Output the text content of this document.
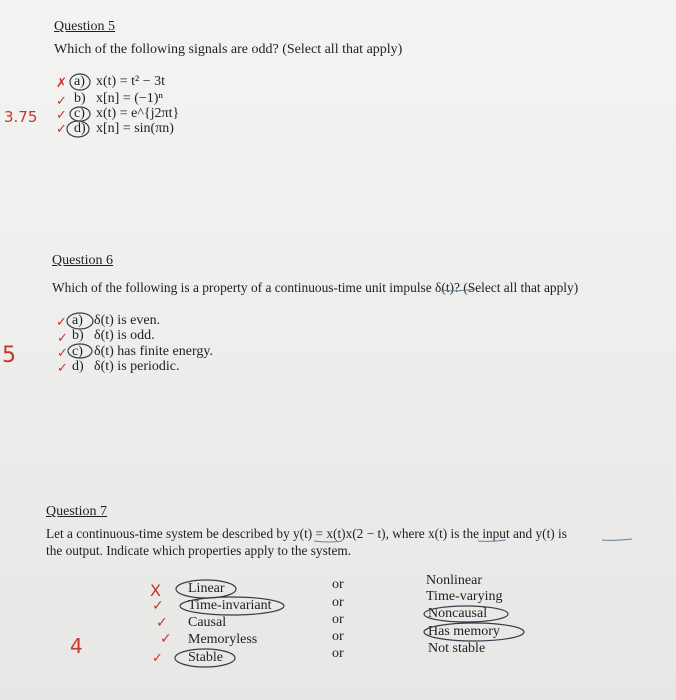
Question 5
Which of the following signals are odd? (Select all that apply)
3.75
✗
✓
✓
✓
a) x(t) = t² − 3t
b) x[n] = (−1)ⁿ
c) x(t) = e^{j2πt}
d) x[n] = sin(πn)
Question 6
Which of the following is a property of a continuous-time unit impulse δ(t)? (Select all that apply)
5
✓
✓
✓
✓
a) δ(t) is even.
b) δ(t) is odd.
c) δ(t) has finite energy.
d) δ(t) is periodic.
Question 7
Let a continuous-time system be described by y(t) = x(t)x(2 − t), where x(t) is the input and y(t) is
the output. Indicate which properties apply to the system.
4
X
✓
✓
✓
✓
Linear
Time-invariant
Causal
Memoryless
Stable
or
or
or
or
or
Nonlinear
Time-varying
Noncausal
Has memory
Not stable
